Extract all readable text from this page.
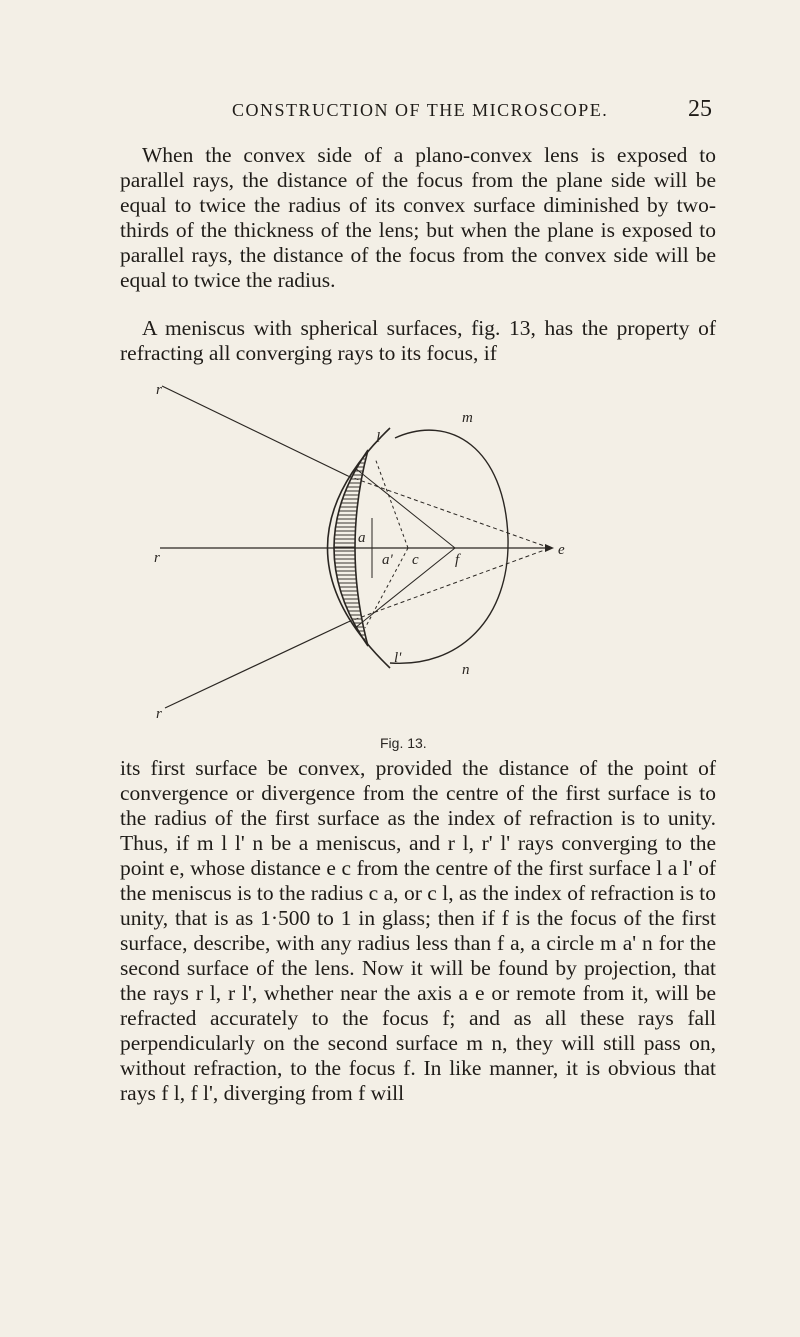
CONSTRUCTION OF THE MICROSCOPE.	25

When the convex side of a plano-convex lens is exposed to parallel rays, the distance of the focus from the plane side will be equal to twice the radius of its convex surface diminished by two-thirds of the thickness of the lens; but when the plane is exposed to parallel rays, the distance of the focus from the convex side will be equal to twice the radius.

A meniscus with spherical surfaces, fig. 13, has the property of refracting all converging rays to its focus, if

r
r
r
m
n
l
l'
a
a' c f
e
Fig. 13.

its first surface be convex, provided the distance of the point of convergence or divergence from the centre of the first surface is to the radius of the first surface as the index of refraction is to unity. Thus, if m l l' n be a meniscus, and r l, r' l' rays converging to the point e, whose distance e c from the centre of the first surface l a l' of the meniscus is to the radius c a, or c l, as the index of refraction is to unity, that is as 1·500 to 1 in glass; then if f is the focus of the first surface, describe, with any radius less than f a, a circle m a' n for the second surface of the lens. Now it will be found by projection, that the rays r l, r l', whether near the axis a e or remote from it, will be refracted accurately to the focus f; and as all these rays fall perpendicularly on the second surface m n, they will still pass on, without refraction, to the focus f. In like manner, it is obvious that rays f l, f l', diverging from f will
